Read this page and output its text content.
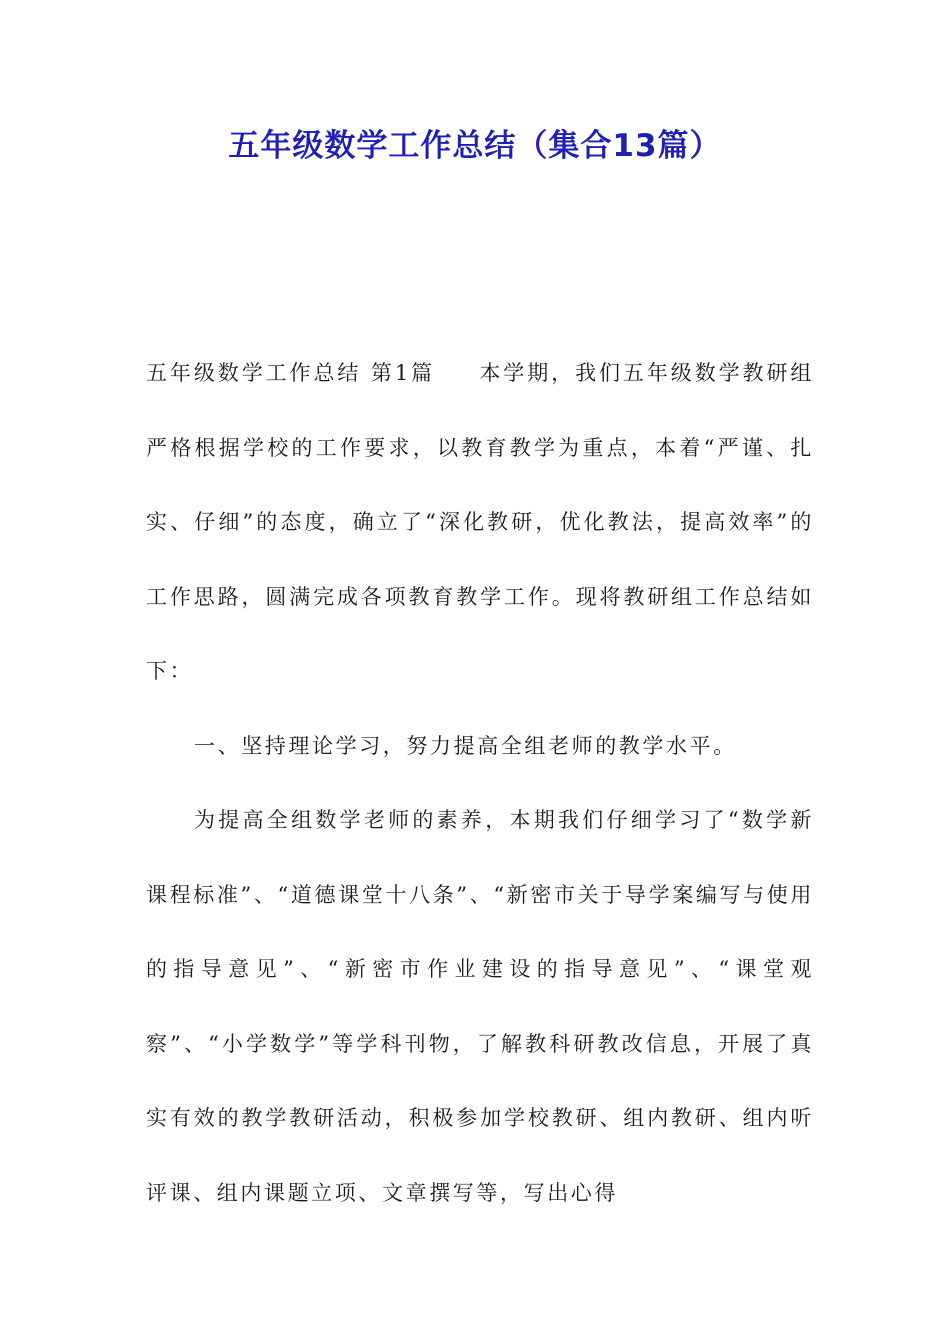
五年级数学工作总结（集合13篇）

五年级数学工作总结 第1篇 本学期，我们五年级数学教研组严格根据学校的工作要求，以教育教学为重点，本着“严谨、扎实、仔细”的态度，确立了“深化教研，优化教法，提高效率”的工作思路，圆满完成各项教育教学工作。现将教研组工作总结如下：

一、坚持理论学习，努力提高全组老师的教学水平。

为提高全组数学老师的素养，本期我们仔细学习了“数学新课程标准”、“道德课堂十八条”、“新密市关于导学案编写与使用的指导意见”、“新密市作业建设的指导意见”、“课堂观察”、“小学数学”等学科刊物，了解教科研教改信息，开展了真实有效的教学教研活动，积极参加学校教研、组内教研、组内听评课、组内课题立项、文章撰写等，写出心得
